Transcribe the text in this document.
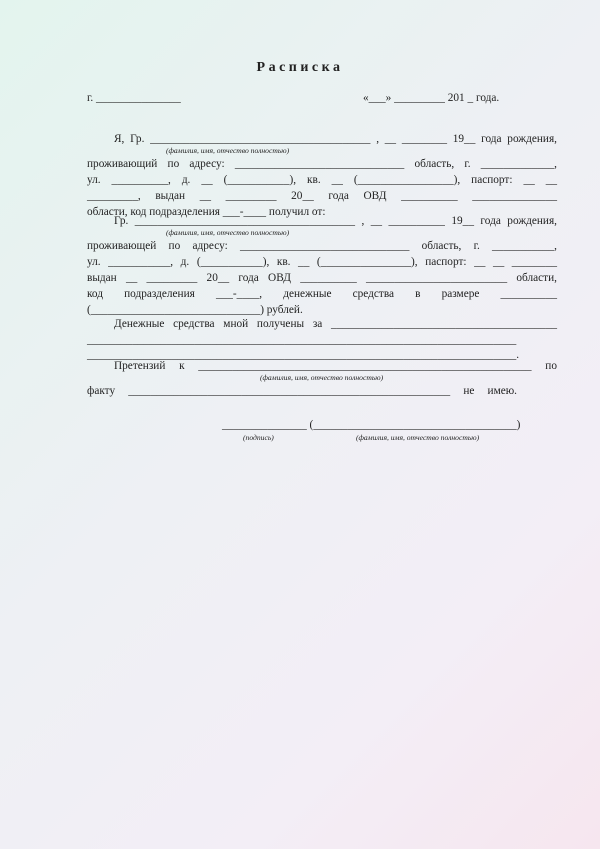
Расписка
г. _______________	«___» _________ 201 _ года.
Я, Гр. _______________________________________ , __ ________ 19__ года рождения,
(фамилия, имя, отчество полностью)
проживающий по адресу: ______________________________ область, г. _____________,
ул. __________, д. __ (___________), кв. __ (_________________), паспорт: __ __
_________, выдан __ _________ 20__ года ОВД __________ _______________
области, код подразделения ___-____ получил от:
Гр. _______________________________________ , __ __________ 19__ года рождения,
(фамилия, имя, отчество полностью)
проживающей по адресу: ______________________________ область, г. ___________,
ул. ___________, д. (___________), кв. __ (________________), паспорт: __ __ ________
выдан __ _________ 20__ года ОВД __________ _________________________ области,
код подразделения ___-____, денежные средства в размере __________
(______________________________) рублей.
Денежные средства мной получены за ________________________________________
____________________________________________________________________________
____________________________________________________________________________.
Претензий к ___________________________________________________________ по
(фамилия, имя, отчество полностью)
факту _________________________________________________________ не имею.
_______________ (____________________________________)
(подпись)	(фамилия, имя, отчество полностью)
